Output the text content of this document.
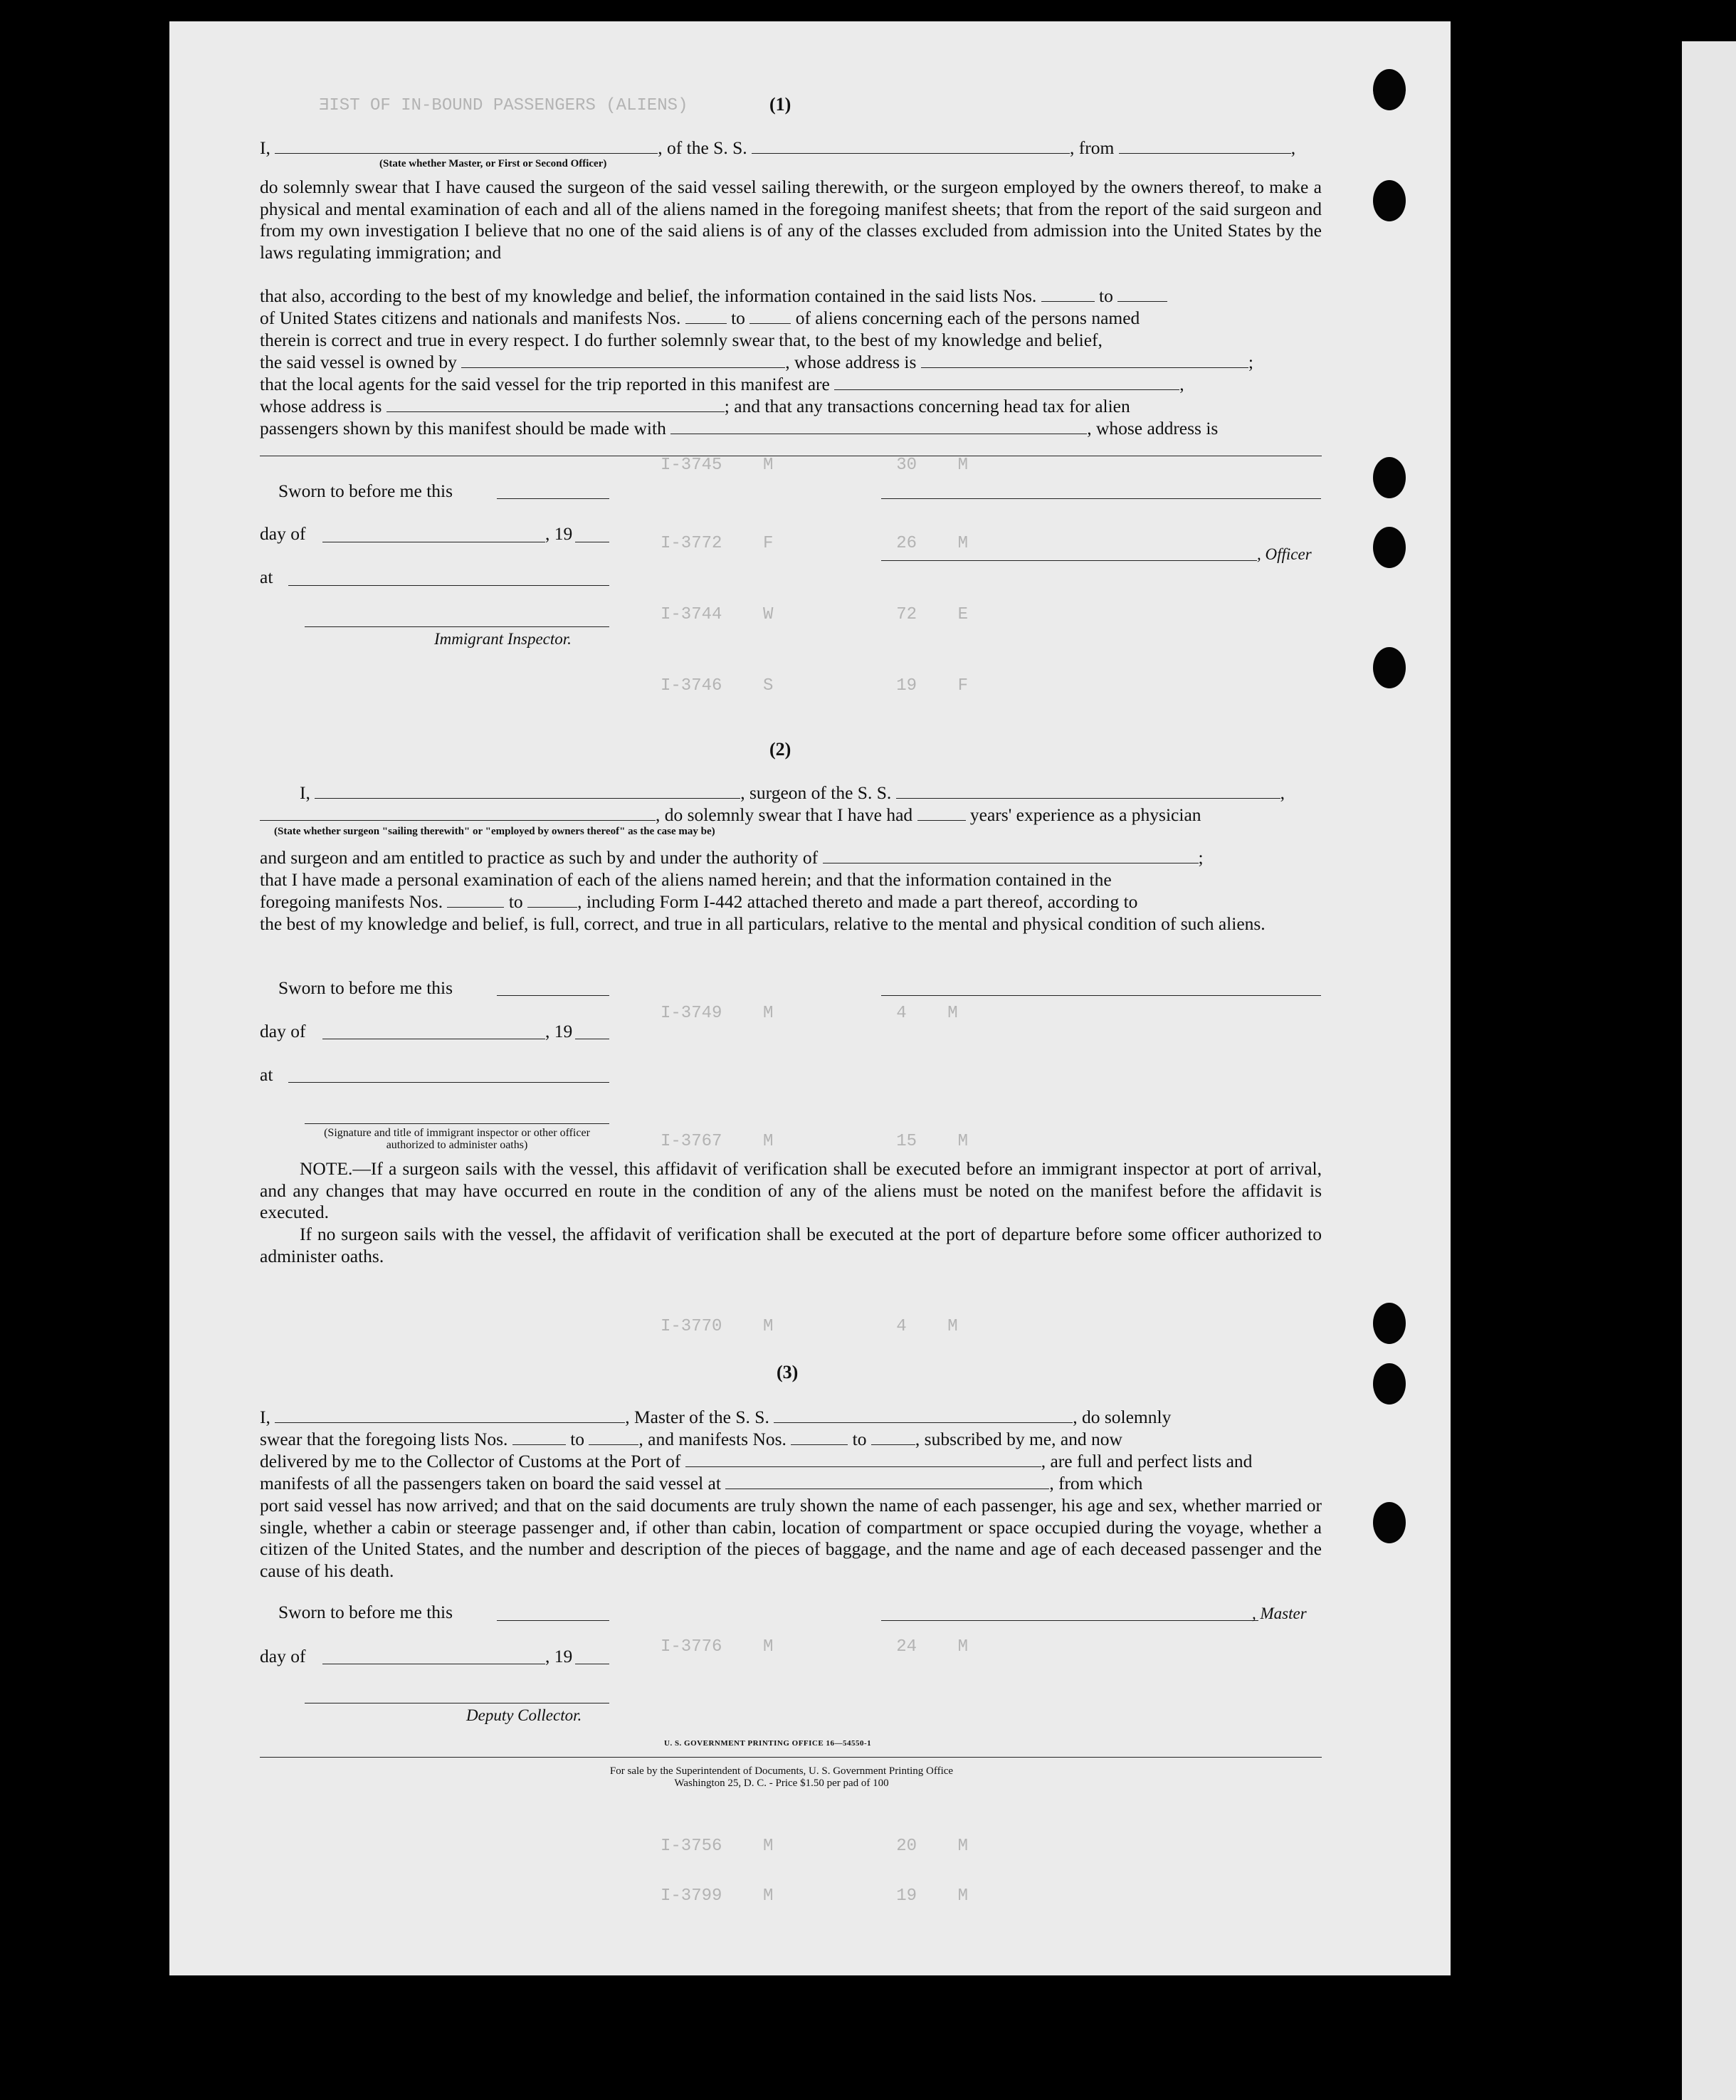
ƎIST OF IN-BOUND PASSENGERS (ALIENS)
I-3745    M            30    M
I-3772    F            26    M
I-3744    W            72    E
I-3746    S            19    F
I-3749    M            4    M
I-3767    M            15    M
I-3770    M            4    M
I-3776    M            24    M
I-3756    M            20    M
I-3799    M            19    M
(1)
I,	, of the S. S.	, from	,
(State whether Master, or First or Second Officer)
do solemnly swear that I have caused the surgeon of the said vessel sailing therewith, or the surgeon employed by the owners thereof, to make a physical and mental examination of each and all of the aliens named in the foregoing manifest sheets; that from the report of the said surgeon and from my own investigation I believe that no one of the said aliens is of any of the classes excluded from admission into the United States by the laws regulating immigration; and
that also, according to the best of my knowledge and belief, the information contained in the said lists Nos.	to
of United States citizens and nationals and manifests Nos.	to	of aliens concerning each of the persons named
therein is correct and true in every respect. I do further solemnly swear that, to the best of my knowledge and belief,
the said vessel is owned by	, whose address is	;
that the local agents for the said vessel for the trip reported in this manifest are	,
whose address is	; and that any transactions concerning head tax for alien
passengers shown by this manifest should be made with	, whose address is
Sworn to before me this
day of	, 19
, Officer
at
Immigrant Inspector.
(2)
I,	, surgeon of the S. S.	,
, do solemnly swear that I have had	years' experience as a physician
(State whether surgeon "sailing therewith" or "employed by owners thereof" as the case may be)
and surgeon and am entitled to practice as such by and under the authority of	;
that I have made a personal examination of each of the aliens named herein; and that the information contained in the
foregoing manifests Nos.	to	, including Form I-442 attached thereto and made a part thereof, according to
the best of my knowledge and belief, is full, correct, and true in all particulars, relative to the mental and physical condition of such aliens.
Sworn to before me this
day of	, 19
at
(Signature and title of immigrant inspector or other officer authorized to administer oaths)
NOTE.—If a surgeon sails with the vessel, this affidavit of verification shall be executed before an immigrant inspector at port of arrival, and any changes that may have occurred en route in the condition of any of the aliens must be noted on the manifest before the affidavit is executed.
If no surgeon sails with the vessel, the affidavit of verification shall be executed at the port of departure before some officer authorized to administer oaths.
(3)
I,	, Master of the S. S.	, do solemnly
swear that the foregoing lists Nos.	to	, and manifests Nos.	to	, subscribed by me, and now
delivered by me to the Collector of Customs at the Port of	, are full and perfect lists and
manifests of all the passengers taken on board the said vessel at	, from which
port said vessel has now arrived; and that on the said documents are truly shown the name of each passenger, his age and sex, whether married or single, whether a cabin or steerage passenger and, if other than cabin, location of compartment or space occupied during the voyage, whether a citizen of the United States, and the number and description of the pieces of baggage, and the name and age of each deceased passenger and the cause of his death.
Sworn to before me this	, Master
day of	, 19
Deputy Collector.
U. S. GOVERNMENT PRINTING OFFICE 16—54550-1
For sale by the Superintendent of Documents, U. S. Government Printing Office
Washington 25, D. C. - Price $1.50 per pad of 100
